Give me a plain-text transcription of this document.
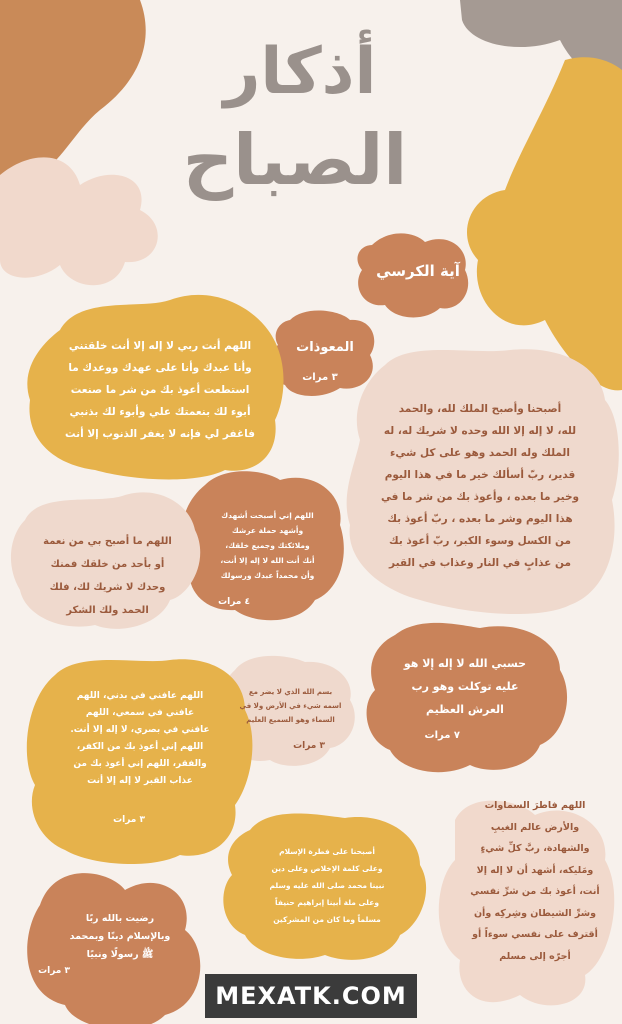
أذكار
الصباح

آية الكرسي

المعوذات

٣ مرات

اللهم أنت ربي لا إله إلا أنت خلقتني
وأنا عبدك وأنا على عهدك ووعدك ما
استطعت أعوذ بك من شر ما صنعت
أبوء لك بنعمتك علي وأبوء لك بذنبي
فاغفر لي فإنه لا يغفر الذنوب إلا أنت

أصبحنا وأصبح الملك لله، والحمد
لله، لا إله إلا الله وحده لا شريك له، له
الملك وله الحمد وهو على كل شيء
قدير، ربّ أسألك خير ما في هذا اليوم
وخير ما بعده ، وأعوذ بك من شر ما في
هذا اليوم وشر ما بعده ، ربّ أعوذ بك
من الكسل وسوء الكبر، ربّ أعوذ بك
من عذابٍ في النار وعذاب في القبر

اللهم إني أصبحت أشهدك
وأشهد حملة عرشك
وملائكتك وجميع خلقك،
أنك أنت الله لا إله إلا أنت،
وأن محمداً عبدك ورسولك

٤ مرات

اللهم ما أصبح بي من نعمة
أو بأحد من خلقك فمنك
وحدك لا شريك لك، فلك
الحمد ولك الشكر

حسبي الله لا إله إلا هو
عليه توكلت وهو رب
العرش العظيم

٧ مرات

بسم الله الذي لا يضر مع
اسمه شيء في الأرض ولا في
السماء وهو السميع العليم

٣ مرات

اللهم عافني في بدني، اللهم
عافني في سمعي، اللهم
عافني في بصري، لا إله إلا أنت.
اللهم إني أعوذ بك من الكفر،
والفقر، اللهم إني أعوذ بك من
عذاب القبر لا إله إلا أنت

٣ مرات

اللهم فاطرَ السماوات
والأرض عالم الغيبِ
والشهادة، ربَّ كلِّ شيءٍ
ومَليكه، أشهد أن لا إله إلا
أنت، أعوذ بك من شرِّ نفسي
وشرِّ الشيطان وشِركِه وأن
أقترف على نفسي سوءاً أو
أجرّه إلى مسلم

أصبحنا على فطرة الإسلام
وعلى كلمة الإخلاص وعلى دين
نبينا محمد صلى الله عليه وسلم
وعلى ملة أبينا إبراهيم حنيفاً
مسلماً وما كان من المشركين

رضيت بالله ربًا
وبالإسلام دينًا وبمحمد
ﷺ رسولًا ونبيًا

٣ مرات
MEXATK.COM
